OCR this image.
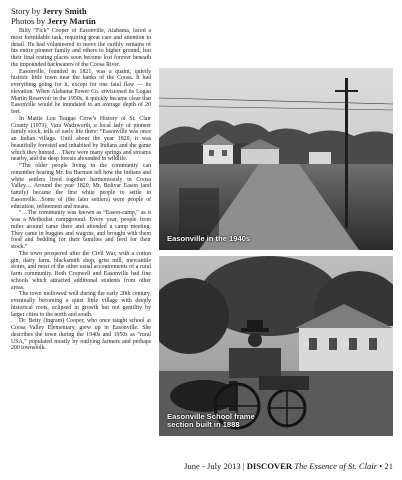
Story by Jerry Smith
Photos by Jerry Martin

Billy “Fick” Cooper of Easonville, Alabama, faced a most formidable task, requiring great care and attention to detail. He had volunteered to move the earthly remains of his entire pioneer family and others to higher ground, lest their final resting places soon become lost forever beneath the impounded backwaters of the Coosa River.

Easonville, founded in 1821, was a quaint, quietly historic little town near the banks of the Coosa. It had everything going for it, except for one fatal flaw — its elevation. When Alabama Power Co. envisioned its Logan Martin Reservoir in the 1950s, it quickly became clear that Easonville would be inundated to an average depth of 20 feet.

In Mattie Lou Teague Crow’s History of St. Clair County (1973), Vara Wadsworth, a local lady of pioneer family stock, tells of early life there: “Easonville was once an Indian village. Until about the year 1820, it was beautifully forested and inhabited by Indians and the game which they hunted… There were many springs and streams nearby, and the deep forests abounded in wildlife.

“The older people living in the community can remember hearing Mr. Ira Harmon tell how the Indians and white settlers lived together harmoniously in Coosa Valley… Around the year 1820, Mr. Bolivar Eason (and family) became the first white people to settle in Easonville…Some of (the later settlers) were people of education, refinement and means.

“…The community was known as “Eason-camp,” as it was a Methodist campground. Every year, people from miles around came there and attended a camp meeting. They came in buggies and wagons, and brought with them food and bedding for their families and feed for their stock.”

The town prospered after the Civil War, with a cotton gin, dairy farm, blacksmith shop, grist mill, mercantile stores, and most of the other usual accoutrements of a rural farm community. Both Cropwell and Easonville had fine schools which attracted additional students from other areas.

The town mellowed well during the early 20th century, eventually becoming a quiet little village with deeply historical roots, eclipsed in growth but not gentility by larger cities to the north and south.

Dr. Betty (Ingram) Cooper, who once taught school at Coosa Valley Elementary, grew up in Easonville. She describes the town during the 1940s and 1950s as “rural USA,” populated mostly by outlying farmers and perhaps 200 townsfolk.

Easonville in the 1940s
Easonville School frame
section built in 1888
June - July 2013 | DISCOVER The Essence of St. Clair • 21
